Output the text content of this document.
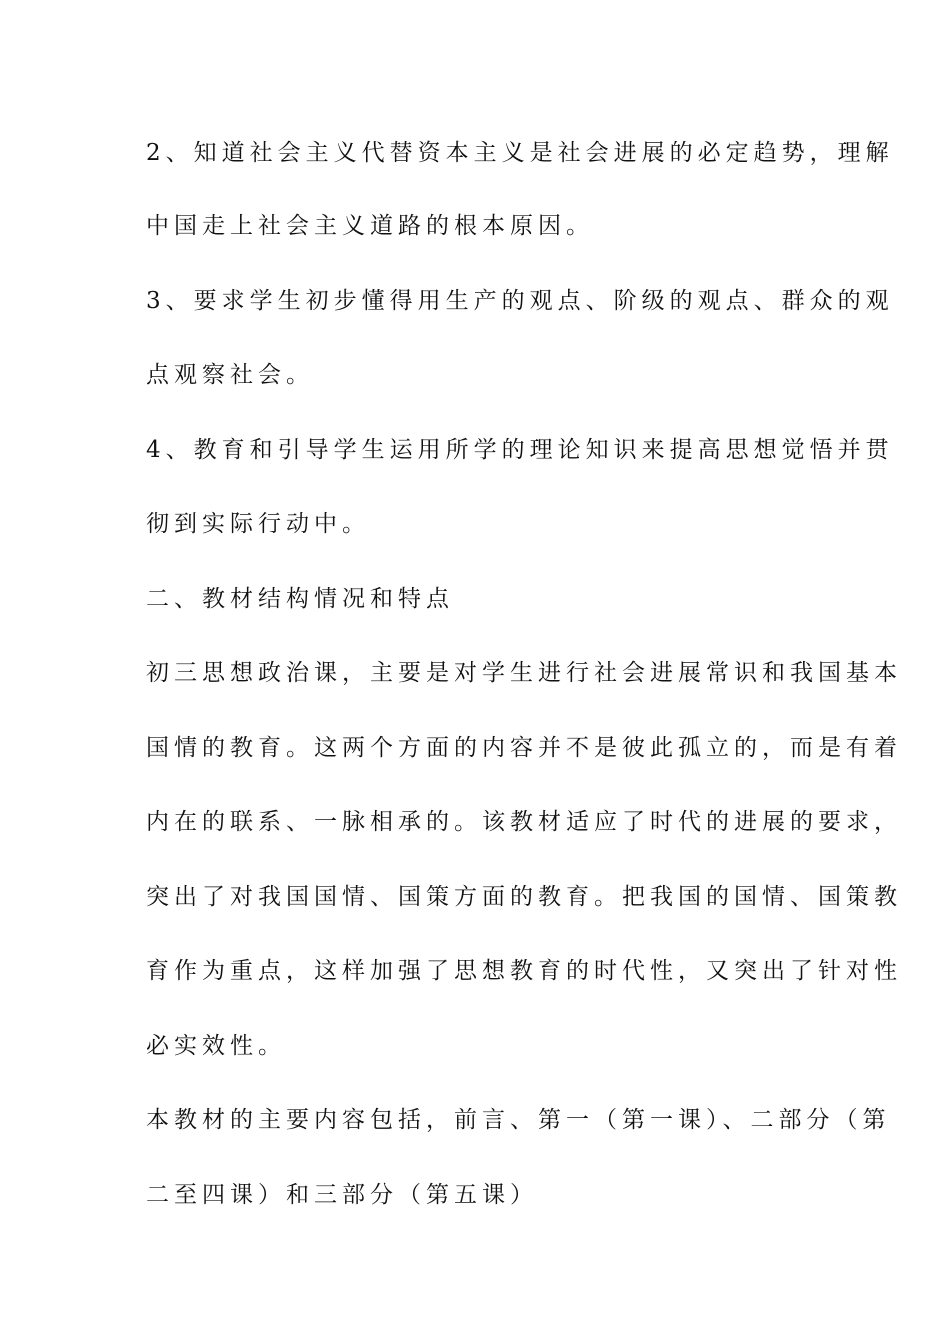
2、知道社会主义代替资本主义是社会进展的必定趋势，理解
中国走上社会主义道路的根本原因。
3、要求学生初步懂得用生产的观点、阶级的观点、群众的观
点观察社会。
4、教育和引导学生运用所学的理论知识来提高思想觉悟并贯
彻到实际行动中。
二、教材结构情况和特点
初三思想政治课，主要是对学生进行社会进展常识和我国基本
国情的教育。这两个方面的内容并不是彼此孤立的，而是有着
内在的联系、一脉相承的。该教材适应了时代的进展的要求，
突出了对我国国情、国策方面的教育。把我国的国情、国策教
育作为重点，这样加强了思想教育的时代性，又突出了针对性
必实效性。
本教材的主要内容包括，前言、第一（第一课）、二部分（第
二至四课）和三部分（第五课）
